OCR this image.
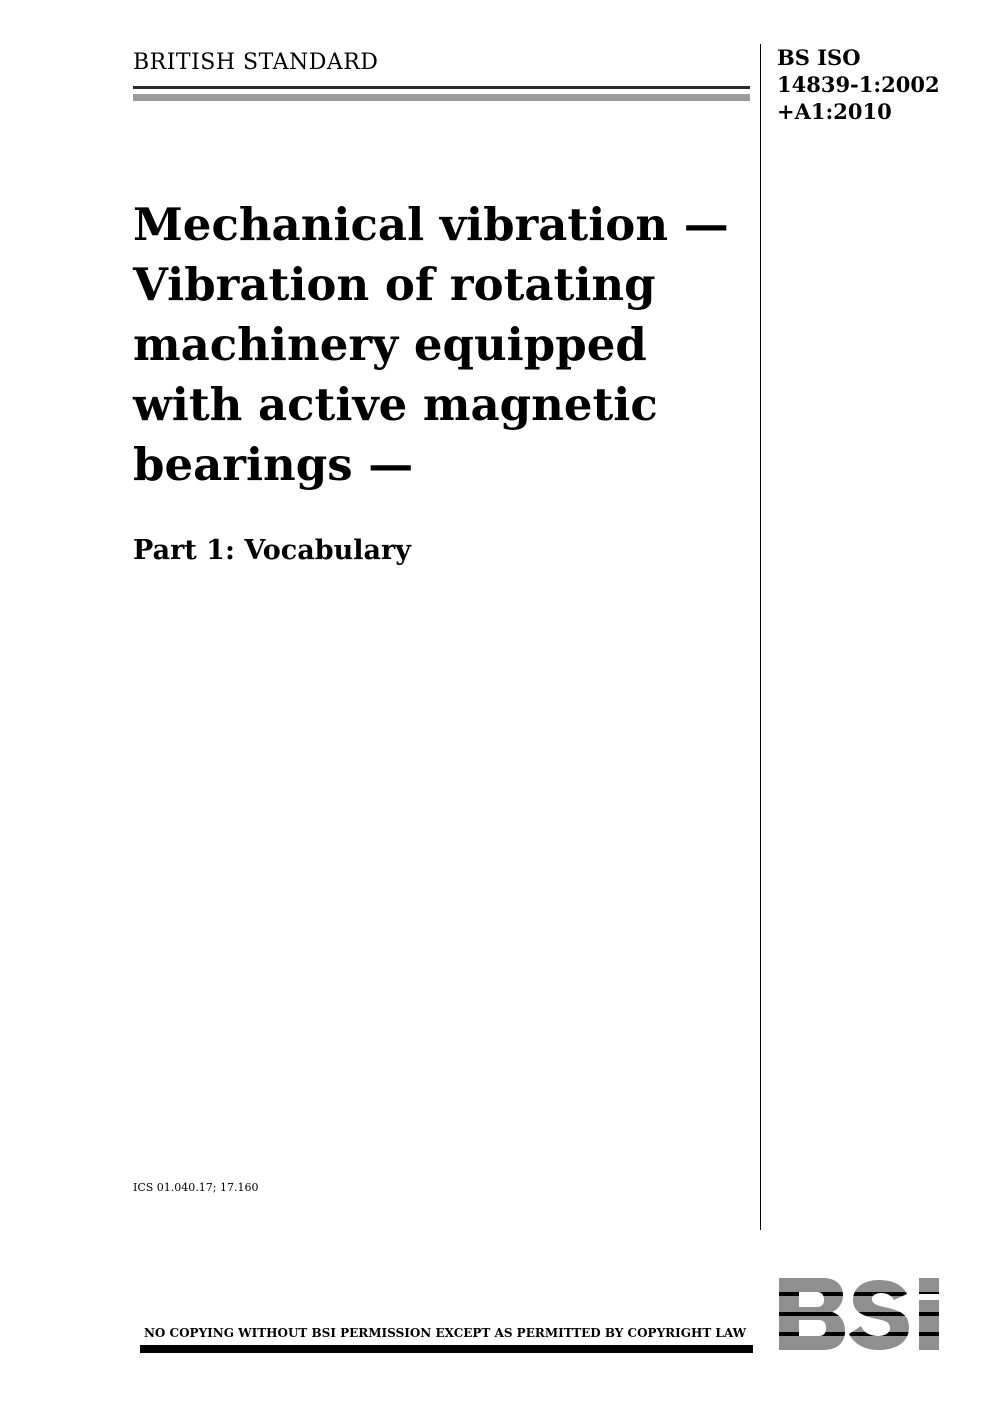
BRITISH STANDARD	BS ISO
14839-1:2002
+A1:2010
Mechanical vibration —
Vibration of rotating
machinery equipped
with active magnetic
bearings —
Part 1: Vocabulary
ICS 01.040.17; 17.160
NO COPYING WITHOUT BSI PERMISSION EXCEPT AS PERMITTED BY COPYRIGHT LAW
